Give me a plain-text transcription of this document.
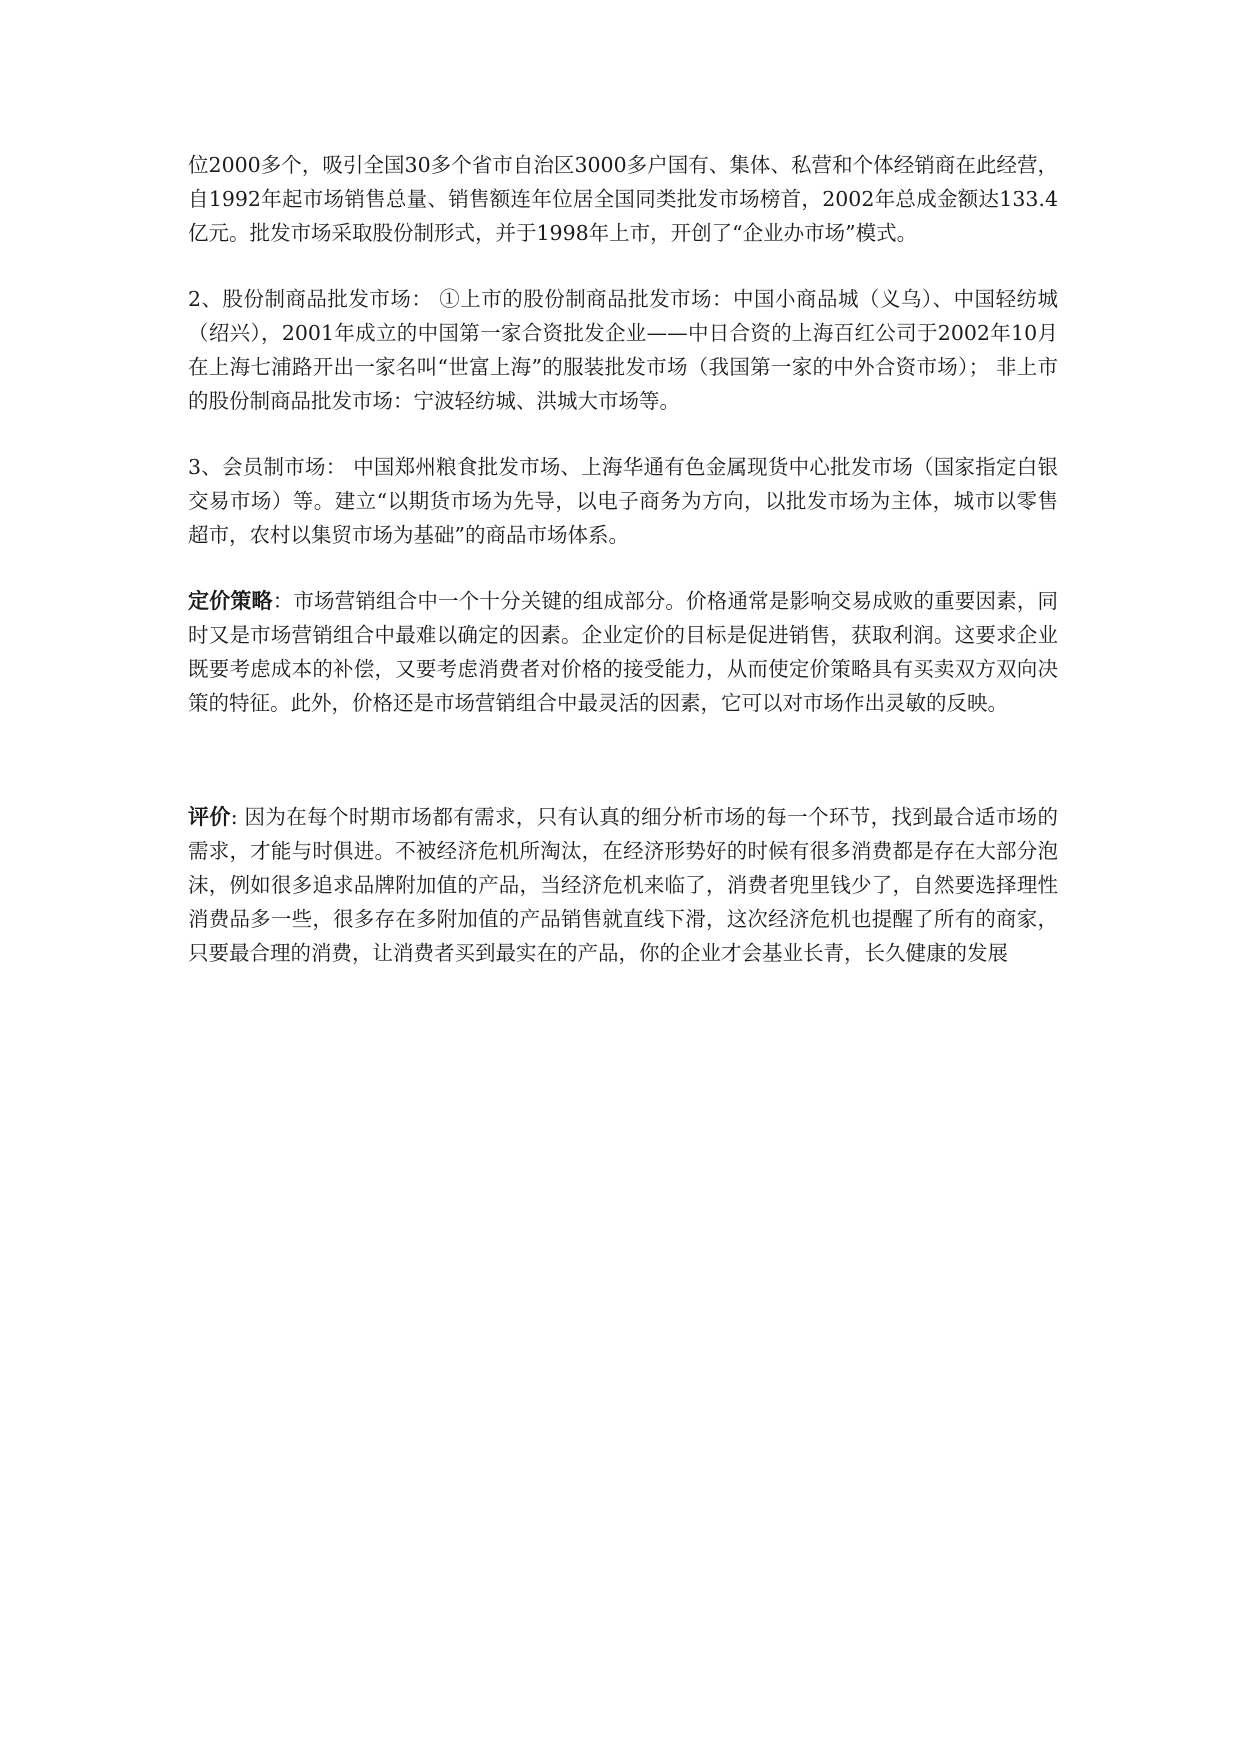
位2000多个，吸引全国30多个省市自治区3000多户国有、集体、私营和个体经销商在此经营，自1992年起市场销售总量、销售额连年位居全国同类批发市场榜首，2002年总成金额达133.4亿元。批发市场采取股份制形式，并于1998年上市，开创了“企业办市场”模式。

2、股份制商品批发市场： ①上市的股份制商品批发市场：中国小商品城（义乌）、中国轻纺城（绍兴），2001年成立的中国第一家合资批发企业——中日合资的上海百红公司于2002年10月在上海七浦路开出一家名叫“世富上海”的服装批发市场（我国第一家的中外合资市场）； 非上市的股份制商品批发市场：宁波轻纺城、洪城大市场等。

3、会员制市场： 中国郑州粮食批发市场、上海华通有色金属现货中心批发市场（国家指定白银交易市场）等。建立“以期货市场为先导，以电子商务为方向，以批发市场为主体，城市以零售超市，农村以集贸市场为基础”的商品市场体系。

定价策略：市场营销组合中一个十分关键的组成部分。价格通常是影响交易成败的重要因素，同时又是市场营销组合中最难以确定的因素。企业定价的目标是促进销售，获取利润。这要求企业既要考虑成本的补偿，又要考虑消费者对价格的接受能力，从而使定价策略具有买卖双方双向决策的特征。此外，价格还是市场营销组合中最灵活的因素，它可以对市场作出灵敏的反映。

评价: 因为在每个时期市场都有需求，只有认真的细分析市场的每一个环节，找到最合适市场的需求，才能与时俱进。不被经济危机所淘汰，在经济形势好的时候有很多消费都是存在大部分泡沫，例如很多追求品牌附加值的产品，当经济危机来临了，消费者兜里钱少了，自然要选择理性消费品多一些，很多存在多附加值的产品销售就直线下滑，这次经济危机也提醒了所有的商家，只要最合理的消费，让消费者买到最实在的产品，你的企业才会基业长青，长久健康的发展
